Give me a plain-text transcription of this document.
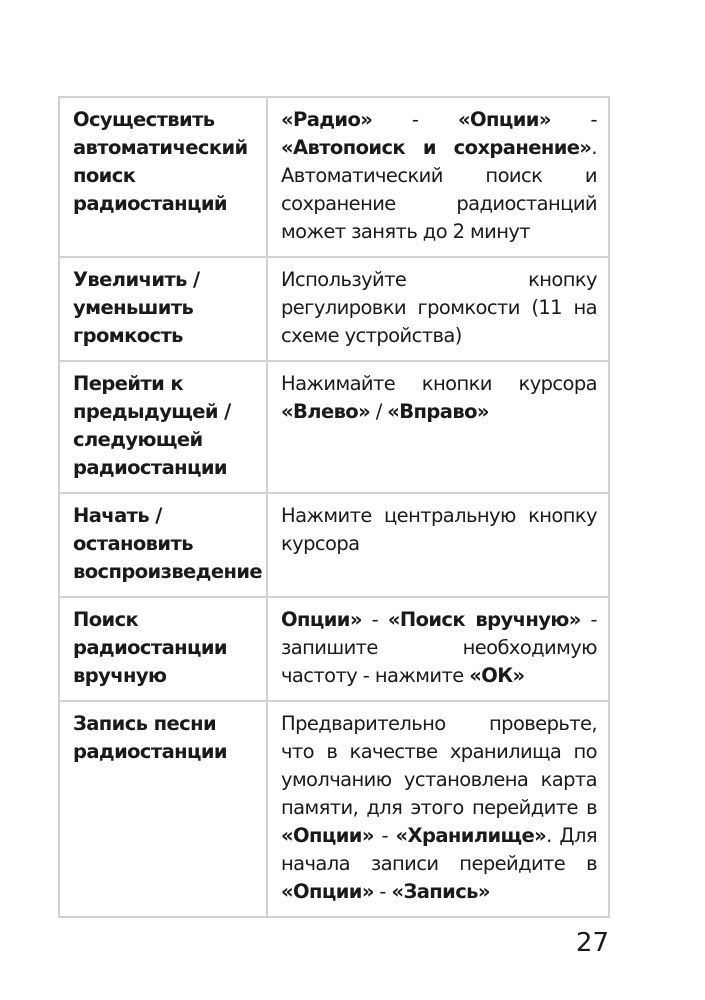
Осуществить автоматический поиск радиостанций	«Радио» - «Опции» - «Автопоиск и сохранение». Автоматический поиск и сохранение радиостанций может занять до 2 минут
Увеличить / уменьшить громкость	Используйте кнопку регулировки громкости (11 на схеме устройства)
Перейти к предыдущей / следующей радиостанции	Нажимайте кнопки курсора «Влево» / «Вправо»
Начать / остановить воспроизведение	Нажмите центральную кнопку курсора
Поиск радиостанции вручную	Опции» - «Поиск вручную» - запишите необходимую частоту - нажмите «ОК»
Запись песни радиостанции	Предварительно проверьте, что в качестве хранилища по умолчанию установлена карта памяти, для этого перейдите в «Опции» - «Хранилище». Для начала записи перейдите в «Опции» - «Запись»
27
